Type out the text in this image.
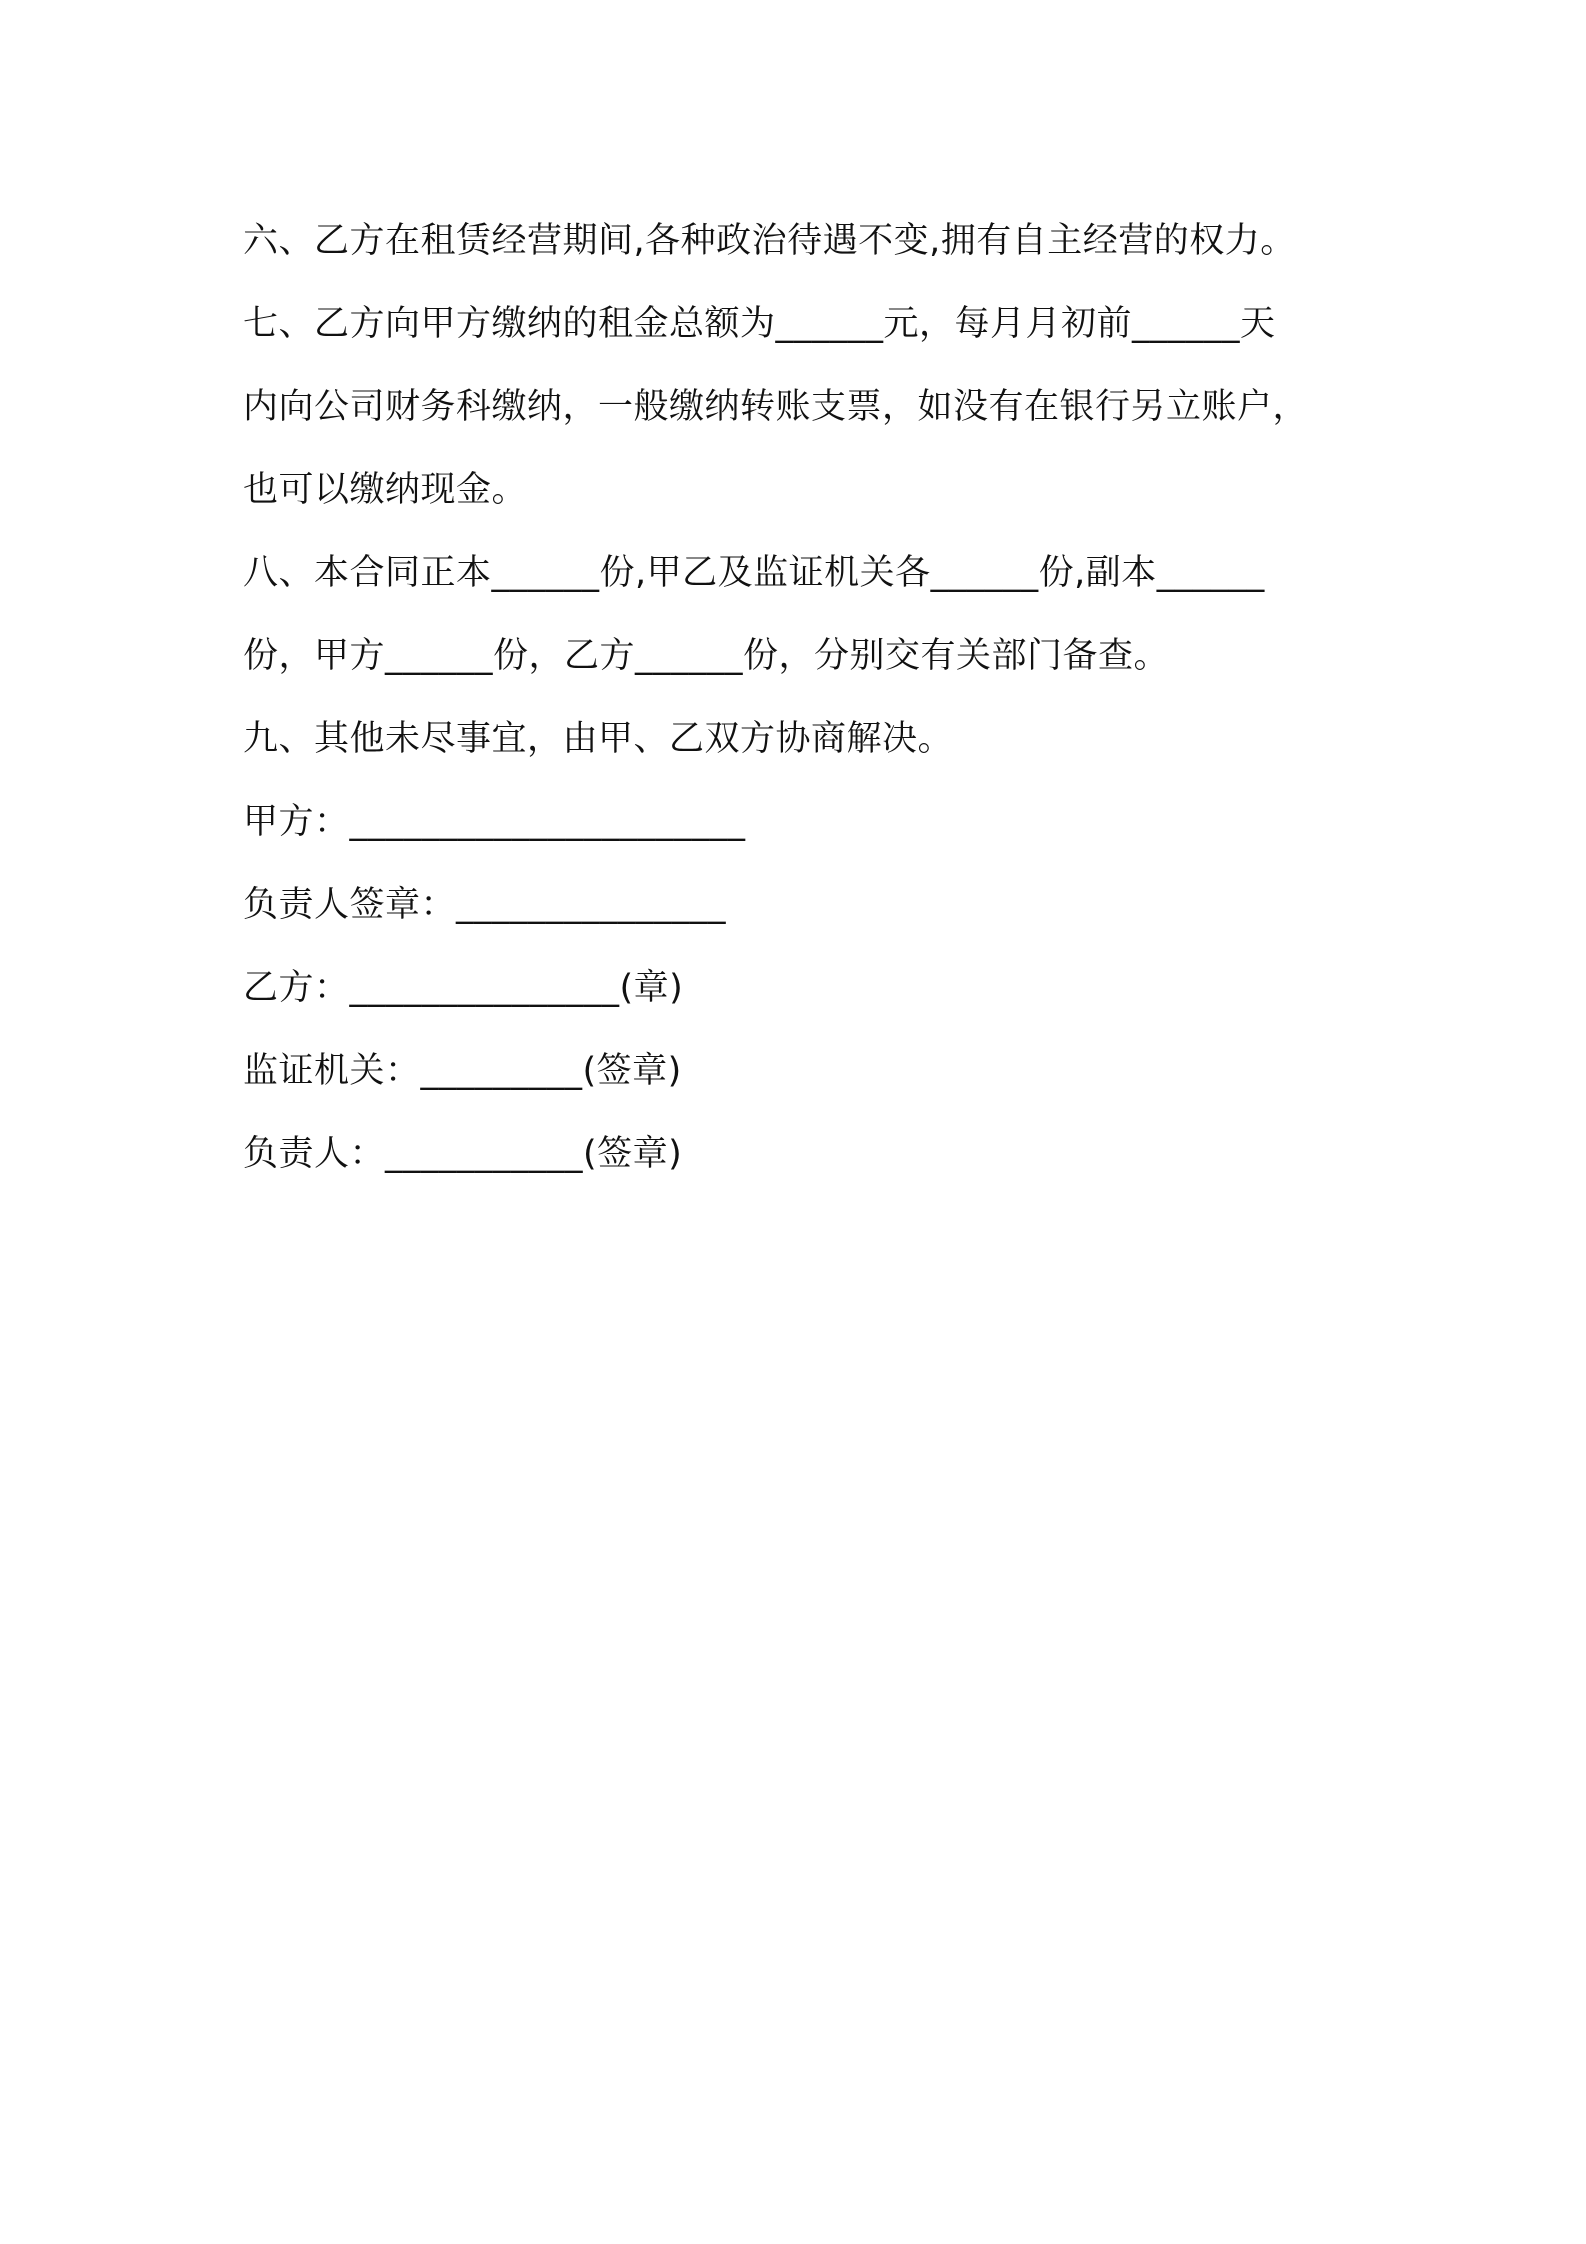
六、乙方在租赁经营期间,各种政治待遇不变,拥有自主经营的权力。
七、乙方向甲方缴纳的租金总额为______元，每月月初前______天
内向公司财务科缴纳，一般缴纳转账支票，如没有在银行另立账户，
也可以缴纳现金。
八、本合同正本______份,甲乙及监证机关各______份,副本______
份，甲方______份，乙方______份，分别交有关部门备查。
九、其他未尽事宜，由甲、乙双方协商解决。
甲方：______________________
负责人签章：_______________
乙方：_______________(章)
监证机关：_________(签章)
负责人：___________(签章)
